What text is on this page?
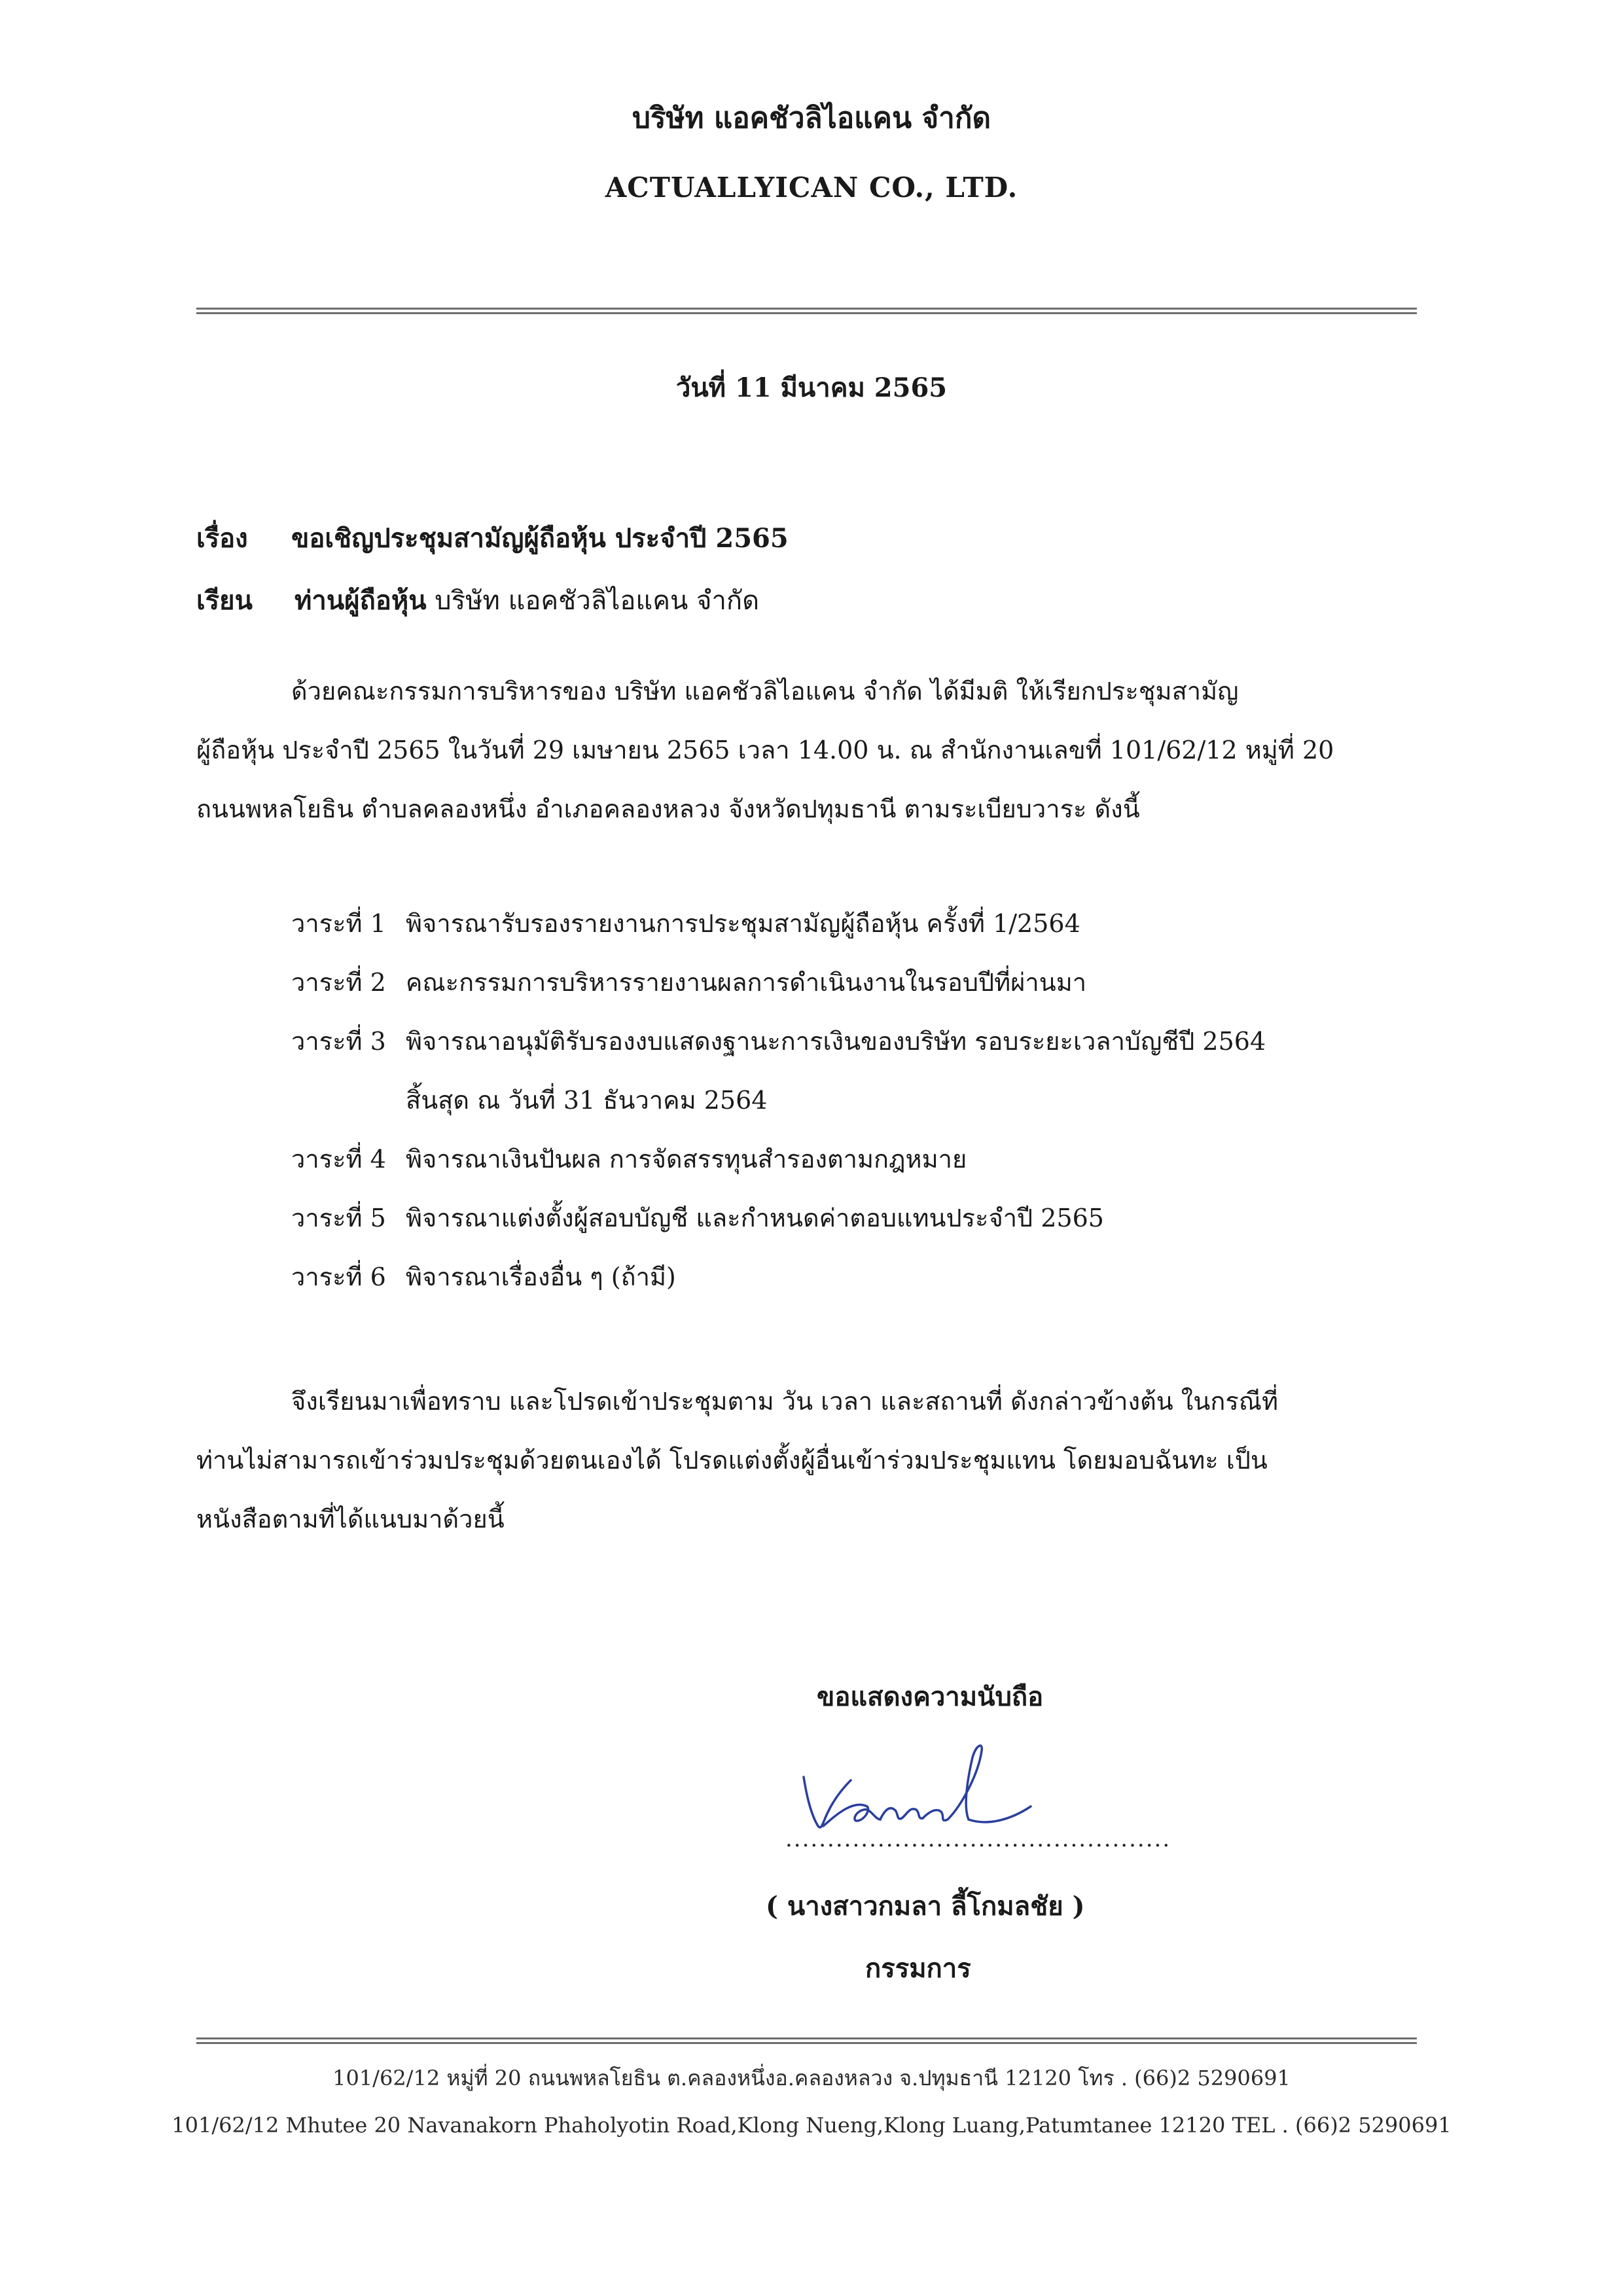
บริษัท แอคชัวลิไอแคน จำกัด
ACTUALLYICAN CO., LTD.
วันที่ 11 มีนาคม 2565
เรื่อง ขอเชิญประชุมสามัญผู้ถือหุ้น ประจำปี 2565
เรียน ท่านผู้ถือหุ้น บริษัท แอคชัวลิไอแคน จำกัด
ด้วยคณะกรรมการบริหารของ บริษัท แอคชัวลิไอแคน จำกัด ได้มีมติ ให้เรียกประชุมสามัญ
ผู้ถือหุ้น ประจำปี 2565 ในวันที่ 29 เมษายน 2565 เวลา 14.00 น. ณ สำนักงานเลขที่ 101/62/12 หมู่ที่ 20
ถนนพหลโยธิน ตำบลคลองหนึ่ง อำเภอคลองหลวง จังหวัดปทุมธานี ตามระเบียบวาระ ดังนี้
วาระที่ 1 พิจารณารับรองรายงานการประชุมสามัญผู้ถือหุ้น ครั้งที่ 1/2564
วาระที่ 2 คณะกรรมการบริหารรายงานผลการดำเนินงานในรอบปีที่ผ่านมา
วาระที่ 3 พิจารณาอนุมัติรับรองงบแสดงฐานะการเงินของบริษัท รอบระยะเวลาบัญชีปี 2564
สิ้นสุด ณ วันที่ 31 ธันวาคม 2564
วาระที่ 4 พิจารณาเงินปันผล การจัดสรรทุนสำรองตามกฎหมาย
วาระที่ 5 พิจารณาแต่งตั้งผู้สอบบัญชี และกำหนดค่าตอบแทนประจำปี 2565
วาระที่ 6 พิจารณาเรื่องอื่น ๆ (ถ้ามี)
จึงเรียนมาเพื่อทราบ และโปรดเข้าประชุมตาม วัน เวลา และสถานที่ ดังกล่าวข้างต้น ในกรณีที่
ท่านไม่สามารถเข้าร่วมประชุมด้วยตนเองได้ โปรดแต่งตั้งผู้อื่นเข้าร่วมประชุมแทน โดยมอบฉันทะ เป็น
หนังสือตามที่ได้แนบมาด้วยนี้
ขอแสดงความนับถือ
..............................................
( นางสาวกมลา ลี้โกมลชัย )
กรรมการ
101/62/12 หมู่ที่ 20 ถนนพหลโยธิน ต.คลองหนึ่งอ.คลองหลวง จ.ปทุมธานี 12120 โทร . (66)2 5290691
101/62/12 Mhutee 20 Navanakorn Phaholyotin Road,Klong Nueng,Klong Luang,Patumtanee 12120 TEL . (66)2 5290691
